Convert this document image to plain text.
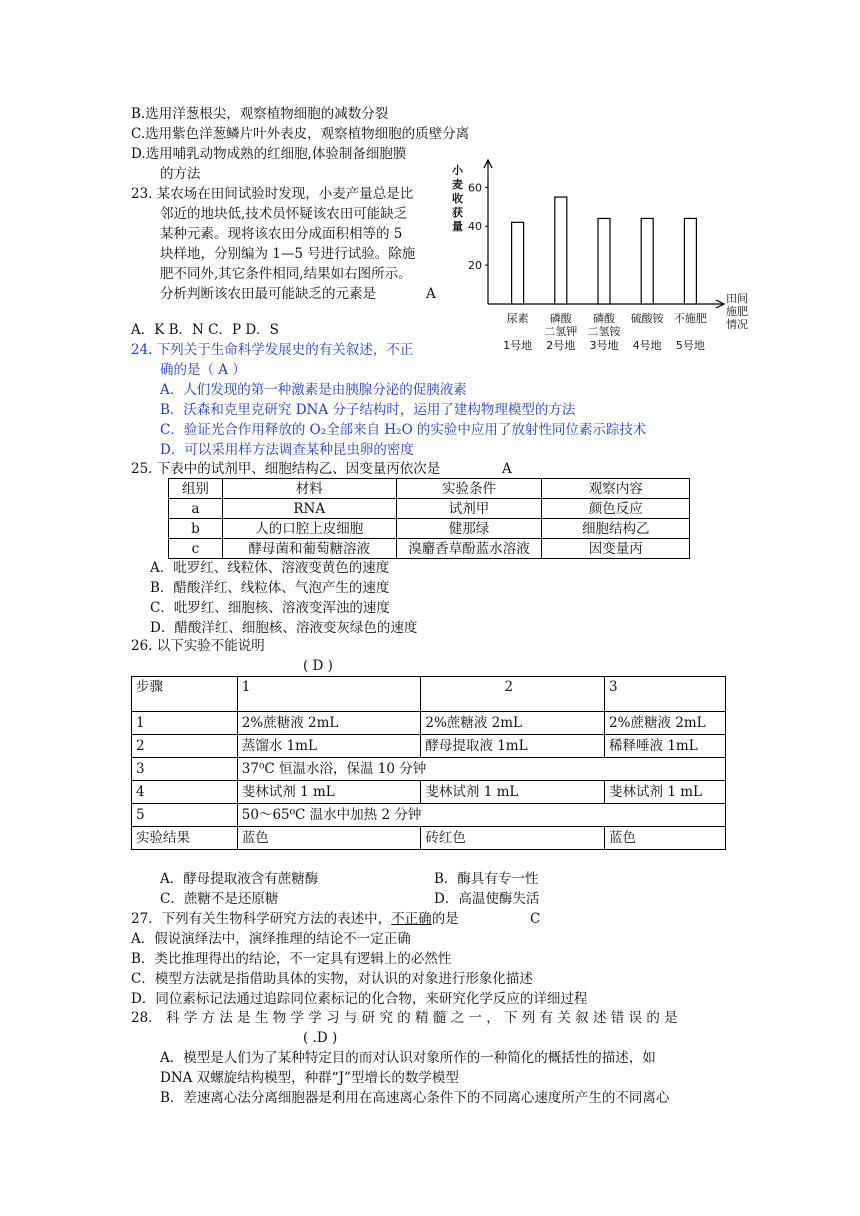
B.选用洋葱根尖，观察植物细胞的减数分裂
C.选用紫色洋葱鳞片叶外表皮，观察植物细胞的质壁分离
D.选用哺乳动物成熟的红细胞,体验制备细胞膜
的方法
23. 某农场在田间试验时发现，小麦产量总是比
邻近的地块低,技术员怀疑该农田可能缺乏
某种元素。现将该农田分成面积相等的 5
块样地，分别编为 1—5 号进行试验。除施
肥不同外,其它条件相同,结果如右图所示。
分析判断该农田最可能缺乏的元素是	A
A．K B．N C．P D．S
20
40
60
小
麦
收
获
量
田间
施肥
情况
尿素
1号地
磷酸
二氢钾
2号地
磷酸
二氢铵
3号地
硫酸铵
4号地
不施肥
5号地
24. 下列关于生命科学发展史的有关叙述，不正
确的是（ A ）
A．人们发现的第一种激素是由胰腺分泌的促胰液素
B．沃森和克里克研究 DNA 分子结构时，运用了建构物理模型的方法
C．验证光合作用释放的 O₂全部来自 H₂O 的实验中应用了放射性同位素示踪技术
D．可以采用样方法调查某种昆虫卵的密度
25. 下表中的试剂甲、细胞结构乙、因变量丙依次是	A
组别	材料	实验条件	观察内容
a	RNA	试剂甲	颜色反应
b	人的口腔上皮细胞	健那绿	细胞结构乙
c	酵母菌和葡萄糖溶液	溴麝香草酚蓝水溶液	因变量丙
A．吡罗红、线粒体、溶液变黄色的速度
B．醋酸洋红、线粒体、气泡产生的速度
C．吡罗红、细胞核、溶液变浑浊的速度
D．醋酸洋红、细胞核、溶液变灰绿色的速度
26. 以下实验不能说明
( D )
步骤	1	2	3
1	2%蔗糖液 2mL	2%蔗糖液 2mL	2%蔗糖液 2mL
2	蒸馏水 1mL	酵母提取液 1mL	稀释唾液 1mL
3	37⁰C 恒温水浴，保温 10 分钟		
4	斐林试剂 1 mL	斐林试剂 1 mL	斐林试剂 1 mL
5	50～65⁰C 温水中加热 2 分钟		
实验结果	蓝色	砖红色	蓝色
A．酵母提取液含有蔗糖酶	B．酶具有专一性
C．蔗糖不是还原糖	D．高温使酶失活
27．下列有关生物科学研究方法的表述中，不正确的是	C
A．假说演绎法中，演绎推理的结论不一定正确
B．类比推理得出的结论，不一定具有逻辑上的必然性
C．模型方法就是指借助具体的实物，对认识的对象进行形象化描述
D．同位素标记法通过追踪同位素标记的化合物，来研究化学反应的详细过程
28． 科 学 方 法 是 生 物 学 学 习 与 研 究 的 精 髓 之 一 ， 下 列 有 关 叙 述 错 误 的 是
( .D )
A．模型是人们为了某种特定目的而对认识对象所作的一种简化的概括性的描述，如
DNA 双螺旋结构模型，种群“J”型增长的数学模型
B．差速离心法分离细胞器是利用在高速离心条件下的不同离心速度所产生的不同离心
